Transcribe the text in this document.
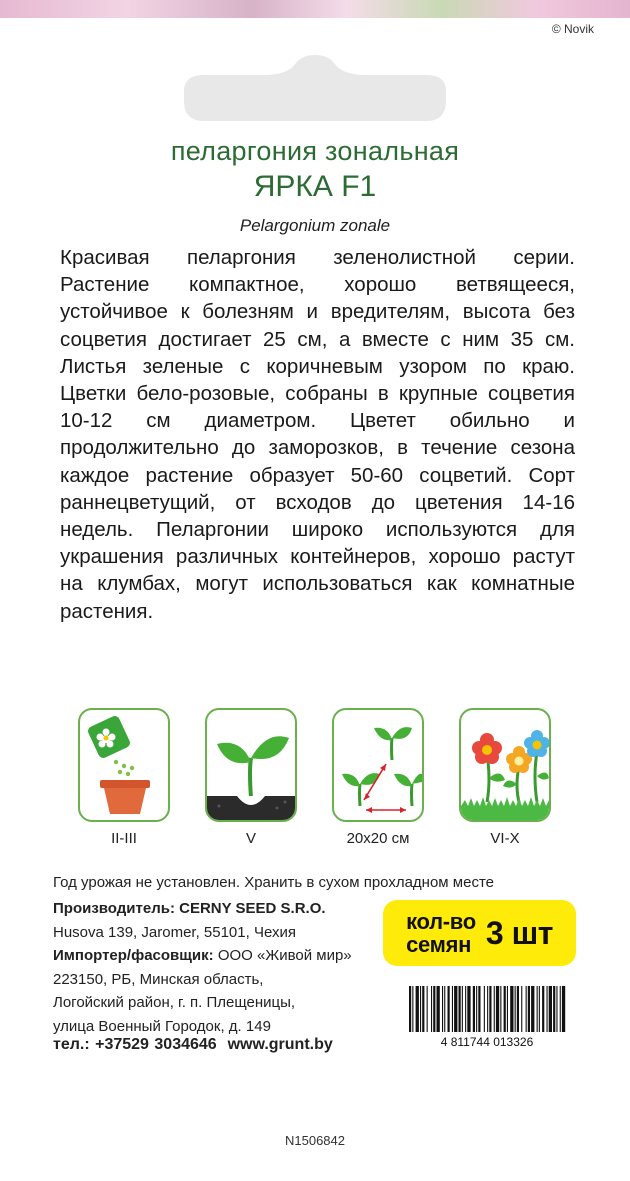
© Novik
пеларгония зональная
ЯРКА F1
Pelargonium zonale
Красивая пеларгония зеленолистной серии. Растение компактное, хорошо ветвящееся, устойчивое к болезням и вредителям, высота без соцветия достигает 25 см, а вместе с ним 35 см. Листья зеленые с коричневым узором по краю. Цветки бело-розовые, собраны в крупные соцветия 10-12 см диаметром. Цветет обильно и продолжительно до заморозков, в течение сезона каждое растение образует 50-60 соцветий. Сорт раннецветущий, от всходов до цветения 14-16 недель. Пеларгонии широко используются для украшения различных контейнеров, хорошо растут на клумбах, могут использоваться как комнатные растения.
II-III	V	20x20 см	VI-X
Год урожая не установлен. Хранить в сухом прохладном месте
Производитель: CERNY SEED S.R.O.
Husova 139, Jaromer, 55101, Чехия
Импортер/фасовщик: ООО «Живой мир»
223150, РБ, Минская область,
Логойский район, г. п. Плещеницы,
улица Военный Городок, д. 149
тел.: +37529 3034646  www.grunt.by
кол-во
семян 3 шт
4 811744 013326
N1506842
